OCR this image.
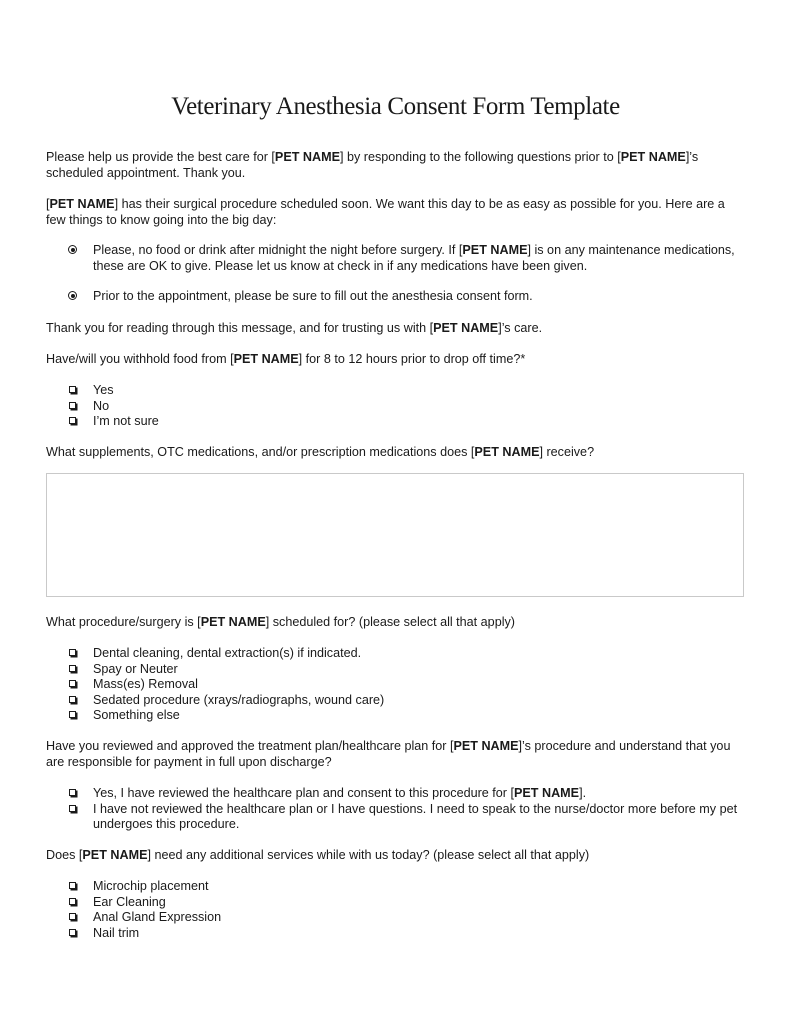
Veterinary Anesthesia Consent Form Template

Please help us provide the best care for [PET NAME] by responding to the following questions prior to [PET NAME]’s scheduled appointment. Thank you.

[PET NAME] has their surgical procedure scheduled soon. We want this day to be as easy as possible for you. Here are a few things to know going into the big day:

Please, no food or drink after midnight the night before surgery. If [PET NAME] is on any maintenance medications, these are OK to give. Please let us know at check in if any medications have been given.
Prior to the appointment, please be sure to fill out the anesthesia consent form.

Thank you for reading through this message, and for trusting us with [PET NAME]’s care.

Have/will you withhold food from [PET NAME] for 8 to 12 hours prior to drop off time?*

Yes
No
I’m not sure

What supplements, OTC medications, and/or prescription medications does [PET NAME] receive?

What procedure/surgery is [PET NAME] scheduled for? (please select all that apply)

Dental cleaning, dental extraction(s) if indicated.
Spay or Neuter
Mass(es) Removal
Sedated procedure (xrays/radiographs, wound care)
Something else

Have you reviewed and approved the treatment plan/healthcare plan for [PET NAME]’s procedure and understand that you are responsible for payment in full upon discharge?

Yes, I have reviewed the healthcare plan and consent to this procedure for [PET NAME].
I have not reviewed the healthcare plan or I have questions. I need to speak to the nurse/doctor more before my pet undergoes this procedure.

Does [PET NAME] need any additional services while with us today? (please select all that apply)

Microchip placement
Ear Cleaning
Anal Gland Expression
Nail trim
